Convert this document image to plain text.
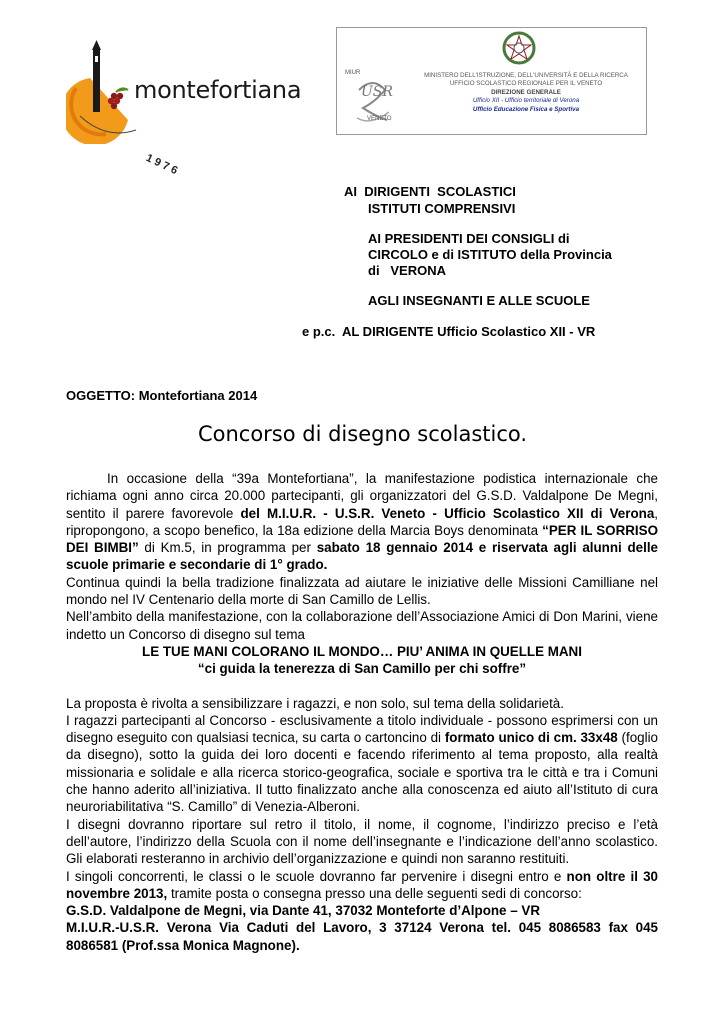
1976
montefortiana
MIUR
VENETO
USR
MINISTERO DELL'ISTRUZIONE, DELL'UNIVERSITÀ E DELLA RICERCA
UFFICIO SCOLASTICO REGIONALE PER IL VENETO
DIREZIONE GENERALE
Ufficio XII - Ufficio territoriale di Verona
Ufficio Educazione Fisica e Sportiva
AI  DIRIGENTI  SCOLASTICI
ISTITUTI COMPRENSIVI
AI PRESIDENTI DEI CONSIGLI di
CIRCOLO e di ISTITUTO della Provincia
di   VERONA
AGLI INSEGNANTI E ALLE SCUOLE
e p.c.  AL DIRIGENTE Ufficio Scolastico XII - VR
OGGETTO: Montefortiana 2014
Concorso di disegno scolastico.

In occasione della “39a Montefortiana”, la manifestazione podistica internazionale che richiama ogni anno circa 20.000 partecipanti, gli organizzatori del G.S.D. Valdalpone De Megni, sentito il parere favorevole del M.I.U.R. - U.S.R. Veneto - Ufficio Scolastico XII di Verona, ripropongono, a scopo benefico, la 18a edizione della Marcia Boys denominata “PER IL SORRISO DEI BIMBI” di Km.5, in programma per sabato 18 gennaio 2014 e riservata agli alunni delle scuole primarie e secondarie di 1° grado.

Continua quindi la bella tradizione finalizzata ad aiutare le iniziative delle Missioni Camilliane nel mondo nel IV Centenario della morte di San Camillo de Lellis.

Nell’ambito della manifestazione, con la collaborazione dell’Associazione Amici di Don Marini, viene indetto un Concorso di disegno sul tema

LE TUE MANI COLORANO IL MONDO… PIU’ ANIMA IN QUELLE MANI

“ci guida la tenerezza di San Camillo per chi soffre”

La proposta è rivolta a sensibilizzare i ragazzi, e non solo, sul tema della solidarietà.

I ragazzi partecipanti al Concorso - esclusivamente a titolo individuale - possono esprimersi con un disegno eseguito con qualsiasi tecnica, su carta o cartoncino di formato unico di cm. 33x48 (foglio da disegno), sotto la guida dei loro docenti e facendo riferimento al tema proposto, alla realtà missionaria e solidale e alla ricerca storico-geografica, sociale e sportiva tra le città e tra i Comuni che hanno aderito all’iniziativa. Il tutto finalizzato anche alla conoscenza ed aiuto all’Istituto di cura neuroriabilitativa “S. Camillo” di Venezia-Alberoni.

I disegni dovranno riportare sul retro il titolo, il nome, il cognome, l’indirizzo preciso e l’età dell’autore, l’indirizzo della Scuola con il nome dell’insegnante e l’indicazione dell’anno scolastico. Gli elaborati resteranno in archivio dell’organizzazione e quindi non saranno restituiti.

I singoli concorrenti, le classi o le scuole dovranno far pervenire i disegni entro e non oltre il 30 novembre 2013, tramite posta o consegna presso una delle seguenti sedi di concorso:

G.S.D. Valdalpone de Megni, via Dante 41, 37032 Monteforte d’Alpone – VR

M.I.U.R.-U.S.R. Verona Via Caduti del Lavoro, 3 37124 Verona tel. 045 8086583 fax 045 8086581 (Prof.ssa Monica Magnone).
